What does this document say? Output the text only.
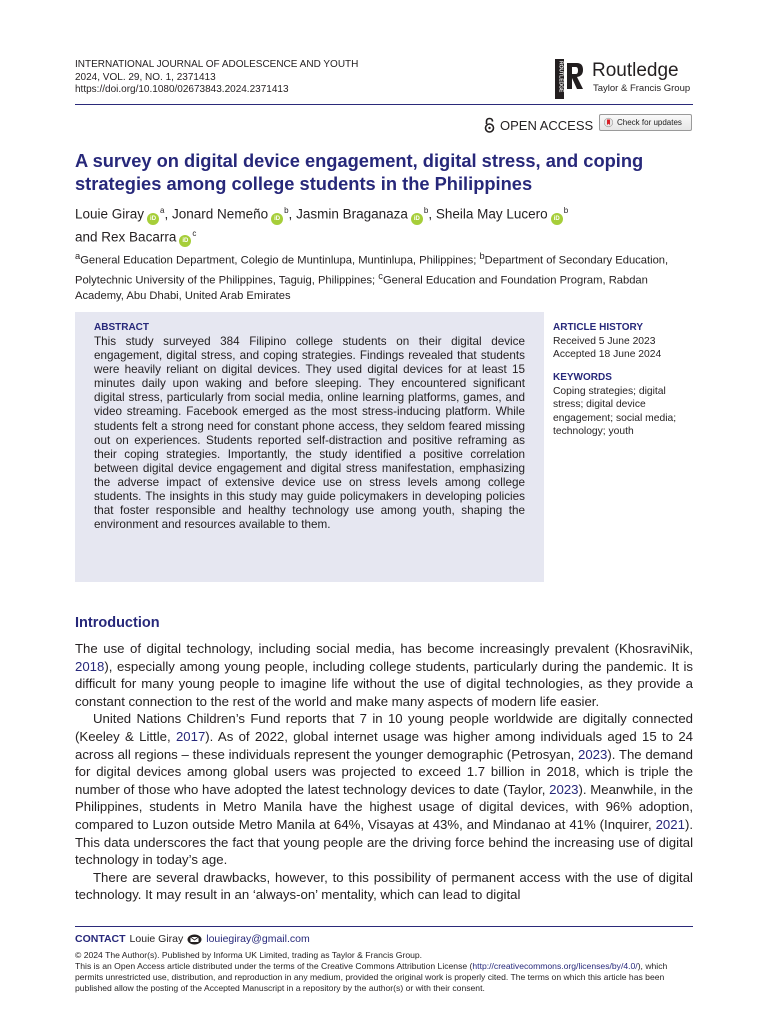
INTERNATIONAL JOURNAL OF ADOLESCENCE AND YOUTH
2024, VOL. 29, NO. 1, 2371413
https://doi.org/10.1080/02673843.2024.2371413	ROUTLEDGE Routledge
Taylor & Francis Group
OPEN ACCESS	Check for updates
A survey on digital device engagement, digital stress, and coping strategies among college students in the Philippines
Louie Giray $iD^a$, Jonard Nemeño $iD^b$, Jasmin Braganaza $iD^b$, Sheila May Lucero $iD^b$
and Rex Bacarra $iD^c$
$^a$General Education Department, Colegio de Muntinlupa, Muntinlupa, Philippines; $^b$Department of Secondary Education, Polytechnic University of the Philippines, Taguig, Philippines; $^c$General Education and Foundation Program, Rabdan Academy, Abu Dhabi, United Arab Emirates
ABSTRACT
This study surveyed 384 Filipino college students on their digital device engagement, digital stress, and coping strategies. Findings revealed that students were heavily reliant on digital devices. They used digital devices for at least 15 minutes daily upon waking and before sleeping. They encountered significant digital stress, particularly from social media, online learning platforms, games, and video streaming. Facebook emerged as the most stress-inducing platform. While students felt a strong need for constant phone access, they seldom feared missing out on experiences. Students reported self-distraction and positive reframing as their coping strategies. Importantly, the study identified a positive correlation between digital device engagement and digital stress manifestation, emphasizing the adverse impact of extensive device use on stress levels among college students. The insights in this study may guide policymakers in developing policies that foster responsible and healthy technology use among youth, shaping the environment and resources available to them.
ARTICLE HISTORY
Received 5 June 2023
Accepted 18 June 2024
KEYWORDS
Coping strategies; digital stress; digital device engagement; social media; technology; youth
Introduction

The use of digital technology, including social media, has become increasingly prevalent (KhosraviNik, 2018), especially among young people, including college students, particularly during the pandemic. It is difficult for many young people to imagine life without the use of digital technologies, as they provide a constant connection to the rest of the world and make many aspects of modern life easier.

United Nations Children’s Fund reports that 7 in 10 young people worldwide are digitally connected (Keeley & Little, 2017). As of 2022, global internet usage was higher among individuals aged 15 to 24 across all regions – these individuals represent the younger demographic (Petrosyan, 2023). The demand for digital devices among global users was projected to exceed 1.7 billion in 2018, which is triple the number of those who have adopted the latest technology devices to date (Taylor, 2023). Meanwhile, in the Philippines, students in Metro Manila have the highest usage of digital devices, with 96% adoption, compared to Luzon outside Metro Manila at 64%, Visayas at 43%, and Mindanao at 41% (Inquirer, 2021). This data underscores the fact that young people are the driving force behind the increasing use of digital technology in today’s age.

There are several drawbacks, however, to this possibility of permanent access with the use of digital technology. It may result in an ‘always-on’ mentality, which can lead to digital

CONTACT Louie Giray louiegiray@gmail.com
© 2024 The Author(s). Published by Informa UK Limited, trading as Taylor & Francis Group.
This is an Open Access article distributed under the terms of the Creative Commons Attribution License (http://creativecommons.org/licenses/by/4.0/), which permits unrestricted use, distribution, and reproduction in any medium, provided the original work is properly cited. The terms on which this article has been published allow the posting of the Accepted Manuscript in a repository by the author(s) or with their consent.
